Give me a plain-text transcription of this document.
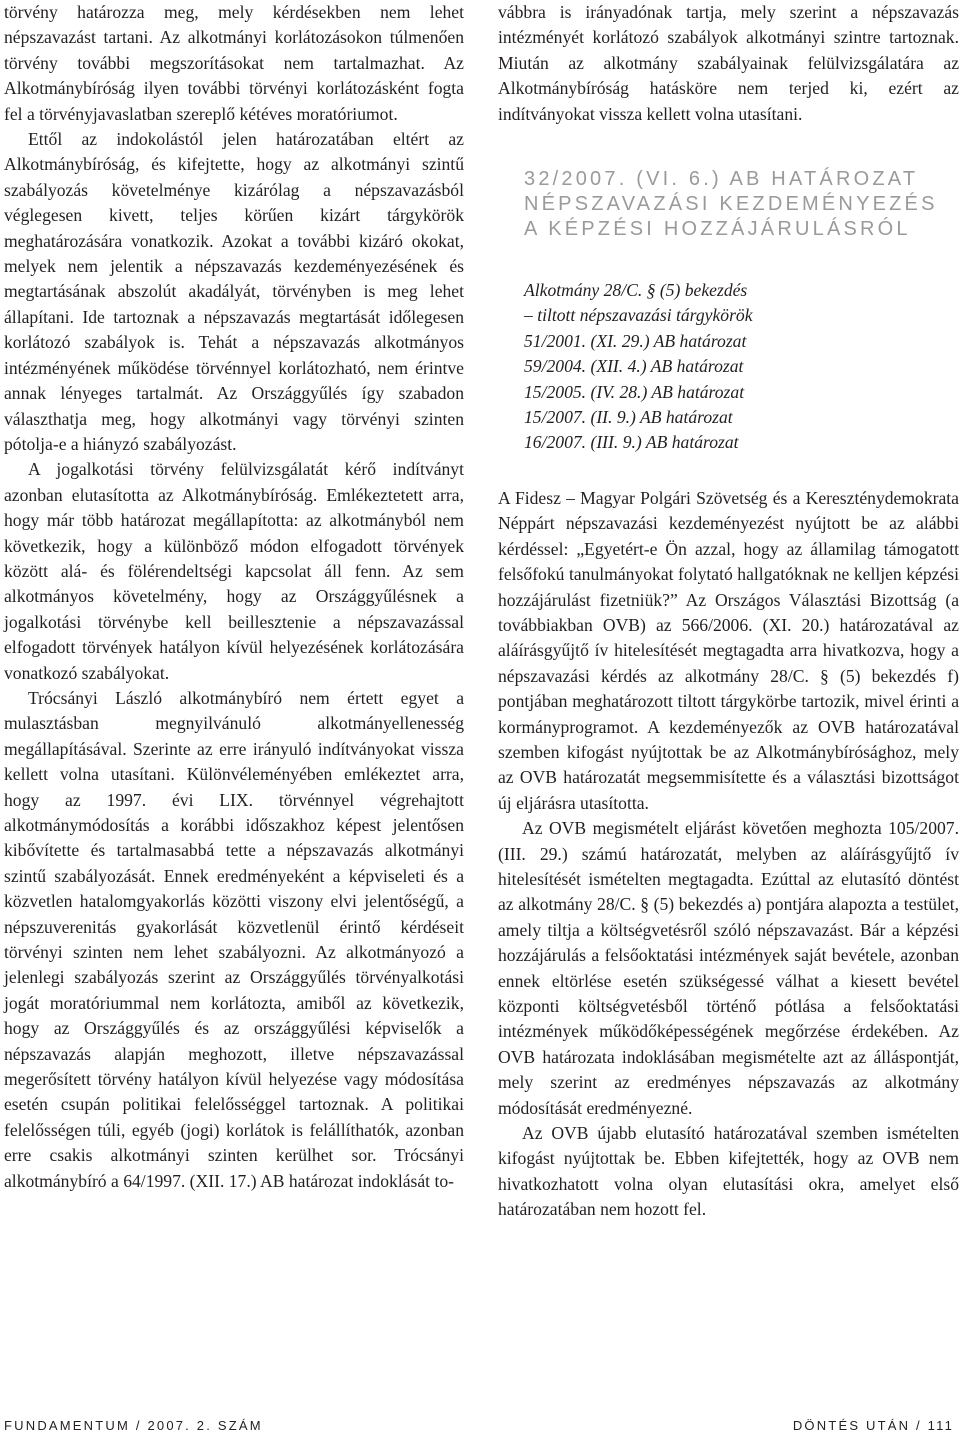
törvény határozza meg, mely kérdésekben nem lehet népszavazást tartani. Az alkotmányi korlátozásokon túlmenően törvény további megszorításokat nem tartalmazhat. Az Alkotmánybíróság ilyen további törvényi korlátozásként fogta fel a törvényjavaslatban szereplő kétéves moratóriumot.

Ettől az indokolástól jelen határozatában eltért az Alkotmánybíróság, és kifejtette, hogy az alkotmányi szintű szabályozás követelménye kizárólag a népszavazásból véglegesen kivett, teljes körűen kizárt tárgykörök meghatározására vonatkozik. Azokat a további kizáró okokat, melyek nem jelentik a népszavazás kezdeményezésének és megtartásának abszolút akadályát, törvényben is meg lehet állapítani. Ide tartoznak a népszavazás megtartását időlegesen korlátozó szabályok is. Tehát a népszavazás alkotmányos intézményének működése törvénnyel korlátozható, nem érintve annak lényeges tartalmát. Az Országgyűlés így szabadon választhatja meg, hogy alkotmányi vagy törvényi szinten pótolja-e a hiányzó szabályozást.

A jogalkotási törvény felülvizsgálatát kérő indítványt azonban elutasította az Alkotmánybíróság. Emlékeztetett arra, hogy már több határozat megállapította: az alkotmányból nem következik, hogy a különböző módon elfogadott törvények között alá- és fölérendeltségi kapcsolat áll fenn. Az sem alkotmányos követelmény, hogy az Országgyűlésnek a jogalkotási törvénybe kell beillesztenie a népszavazással elfogadott törvények hatályon kívül helyezésének korlátozására vonatkozó szabályokat.

Trócsányi László alkotmánybíró nem értett egyet a mulasztásban megnyilvánuló alkotmányellenesség megállapításával. Szerinte az erre irányuló indítványokat vissza kellett volna utasítani. Különvéleményében emlékeztet arra, hogy az 1997. évi LIX. törvénnyel végrehajtott alkotmánymódosítás a korábbi időszakhoz képest jelentősen kibővítette és tartalmasabbá tette a népszavazás alkotmányi szintű szabályozását. Ennek eredményeként a képviseleti és a közvetlen hatalomgyakorlás közötti viszony elvi jelentőségű, a népszuverenitás gyakorlását közvetlenül érintő kérdéseit törvényi szinten nem lehet szabályozni. Az alkotmányozó a jelenlegi szabályozás szerint az Országgyűlés törvényalkotási jogát moratóriummal nem korlátozta, amiből az következik, hogy az Országgyűlés és az országgyűlési képviselők a népszavazás alapján meghozott, illetve népszavazással megerősített törvény hatályon kívül helyezése vagy módosítása esetén csupán politikai felelősséggel tartoznak. A politikai felelősségen túli, egyéb (jogi) korlátok is felállíthatók, azonban erre csakis alkotmányi szinten kerülhet sor. Trócsányi alkotmánybíró a 64/1997. (XII. 17.) AB határozat indoklását to-

vábbra is irányadónak tartja, mely szerint a népszavazás intézményét korlátozó szabályok alkotmányi szintre tartoznak. Miután az alkotmány szabályainak felülvizsgálatára az Alkotmánybíróság hatásköre nem terjed ki, ezért az indítványokat vissza kellett volna utasítani.

32/2007. (VI. 6.) AB HATÁROZAT
NÉPSZAVAZÁSI KEZDEMÉNYEZÉS
A KÉPZÉSI HOZZÁJÁRULÁSRÓL
Alkotmány 28/C. § (5) bekezdés
– tiltott népszavazási tárgykörök
51/2001. (XI. 29.) AB határozat
59/2004. (XII. 4.) AB határozat
15/2005. (IV. 28.) AB határozat
15/2007. (II. 9.) AB határozat
16/2007. (III. 9.) AB határozat

A Fidesz – Magyar Polgári Szövetség és a Kereszténydemokrata Néppárt népszavazási kezdeményezést nyújtott be az alábbi kérdéssel: „Egyetért-e Ön azzal, hogy az államilag támogatott felsőfokú tanulmányokat folytató hallgatóknak ne kelljen képzési hozzájárulást fizetniük?” Az Országos Választási Bizottság (a továbbiakban OVB) az 566/2006. (XI. 20.) határozatával az aláírásgyűjtő ív hitelesítését megtagadta arra hivatkozva, hogy a népszavazási kérdés az alkotmány 28/C. § (5) bekezdés f) pontjában meghatározott tiltott tárgykörbe tartozik, mivel érinti a kormányprogramot. A kezdeményezők az OVB határozatával szemben kifogást nyújtottak be az Alkotmánybírósághoz, mely az OVB határozatát megsemmisítette és a választási bizottságot új eljárásra utasította.

Az OVB megismételt eljárást követően meghozta 105/2007. (III. 29.) számú határozatát, melyben az aláírásgyűjtő ív hitelesítését ismételten megtagadta. Ezúttal az elutasító döntést az alkotmány 28/C. § (5) bekezdés a) pontjára alapozta a testület, amely tiltja a költségvetésről szóló népszavazást. Bár a képzési hozzájárulás a felsőoktatási intézmények saját bevétele, azonban ennek eltörlése esetén szükségessé válhat a kiesett bevétel központi költségvetésből történő pótlása a felsőoktatási intézmények működőképességének megőrzése érdekében. Az OVB határozata indoklásában megismételte azt az álláspontját, mely szerint az eredményes népszavazás az alkotmány módosítását eredményezné.

Az OVB újabb elutasító határozatával szemben ismételten kifogást nyújtottak be. Ebben kifejtették, hogy az OVB nem hivatkozhatott volna olyan elutasítási okra, amelyet első határozatában nem hozott fel.

FUNDAMENTUM / 2007. 2. SZÁM	DÖNTÉS UTÁN / 111
